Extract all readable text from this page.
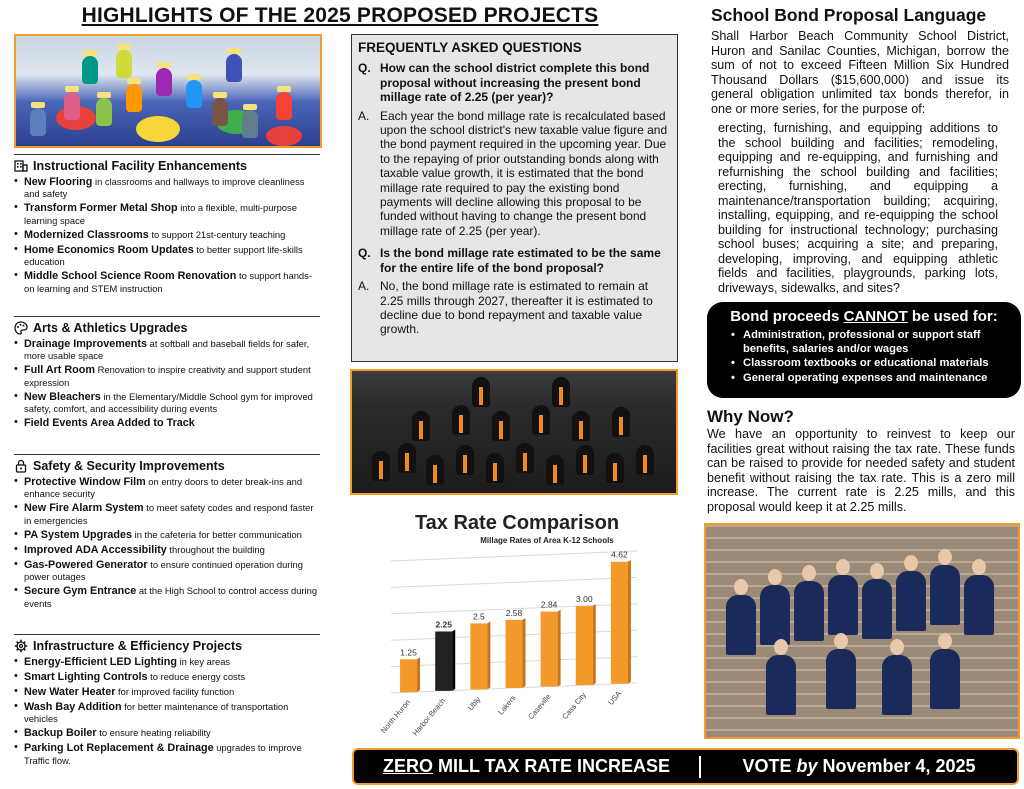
HIGHLIGHTS OF THE 2025 PROPOSED PROJECTS
Instructional Facility Enhancements
• New Flooring in classrooms and hallways to improve cleanliness and safety
• Transform Former Metal Shop into a flexible, multi-purpose learning space
• Modernized Classrooms to support 21st-century teaching
• Home Economics Room Updates to better support life-skills education
• Middle School Science Room Renovation to support hands-on learning and STEM instruction
Arts & Athletics Upgrades
• Drainage Improvements at softball and baseball fields for safer, more usable space
• Full Art Room Renovation to inspire creativity and support student expression
• New Bleachers in the Elementary/Middle School gym for improved safety, comfort, and accessibility during events
• Field Events Area Added to Track
Safety & Security Improvements
• Protective Window Film on entry doors to deter break-ins and enhance security
• New Fire Alarm System to meet safety codes and respond faster in emergencies
• PA System Upgrades in the cafeteria for better communication
• Improved ADA Accessibility throughout the building
• Gas-Powered Generator to ensure continued operation during power outages
• Secure Gym Entrance at the High School to control access during events
Infrastructure & Efficiency Projects
• Energy-Efficient LED Lighting in key areas
• Smart Lighting Controls to reduce energy costs
• New Water Heater for improved facility function
• Wash Bay Addition for better maintenance of transportation vehicles
• Backup Boiler to ensure heating reliability
• Parking Lot Replacement & Drainage upgrades to improve Traffic flow.
FREQUENTLY ASKED QUESTIONS
Q. How can the school district complete this bond proposal without increasing the present bond millage rate of 2.25 (per year)?
A. Each year the bond millage rate is recalculated based upon the school district's new taxable value figure and the bond payment required in the upcoming year. Due to the repaying of prior outstanding bonds along with taxable value growth, it is estimated that the bond millage rate required to pay the existing bond payments will decline allowing this proposal to be funded without having to change the present bond millage rate of 2.25 (per year).
Q. Is the bond millage rate estimated to be the same for the entire life of the bond proposal?
A. No, the bond millage rate is estimated to remain at 2.25 mills through 2027, thereafter it is estimated to decline due to bond repayment and taxable value growth.
Tax Rate Comparison
Millage Rates of Area K-12 Schools
1.25
North Huron
2.25
Harbor Beach
2.5
Ubly
2.58
Lakers
2.84
Caseville
3.00
Cass City
4.62
USA
School Bond Proposal Language
Shall Harbor Beach Community School District, Huron and Sanilac Counties, Michigan, borrow the sum of not to exceed Fifteen Million Six Hundred Thousand Dollars ($15,600,000) and issue its general obligation unlimited tax bonds therefor, in one or more series, for the purpose of:
erecting, furnishing, and equipping additions to the school building and facilities; remodeling, equipping and re-equipping, and furnishing and refurnishing the school building and facilities; erecting, furnishing, and equipping a maintenance/transportation building; acquiring, installing, equipping, and re-equipping the school building for instructional technology; purchasing school buses; acquiring a site; and preparing, developing, improving, and equipping athletic fields and facilities, playgrounds, parking lots, driveways, sidewalks, and sites?
Bond proceeds CANNOT be used for:
• Administration, professional or support staff benefits, salaries and/or wages
• Classroom textbooks or educational materials
• General operating expenses and maintenance
Why Now?
We have an opportunity to reinvest to keep our facilities great without raising the tax rate. These funds can be raised to provide for needed safety and student benefit without raising the tax rate. This is a zero mill increase. The current rate is 2.25 mills, and this proposal would keep it at 2.25 mills.
ZERO MILL TAX RATE INCREASE	VOTE by November 4, 2025
